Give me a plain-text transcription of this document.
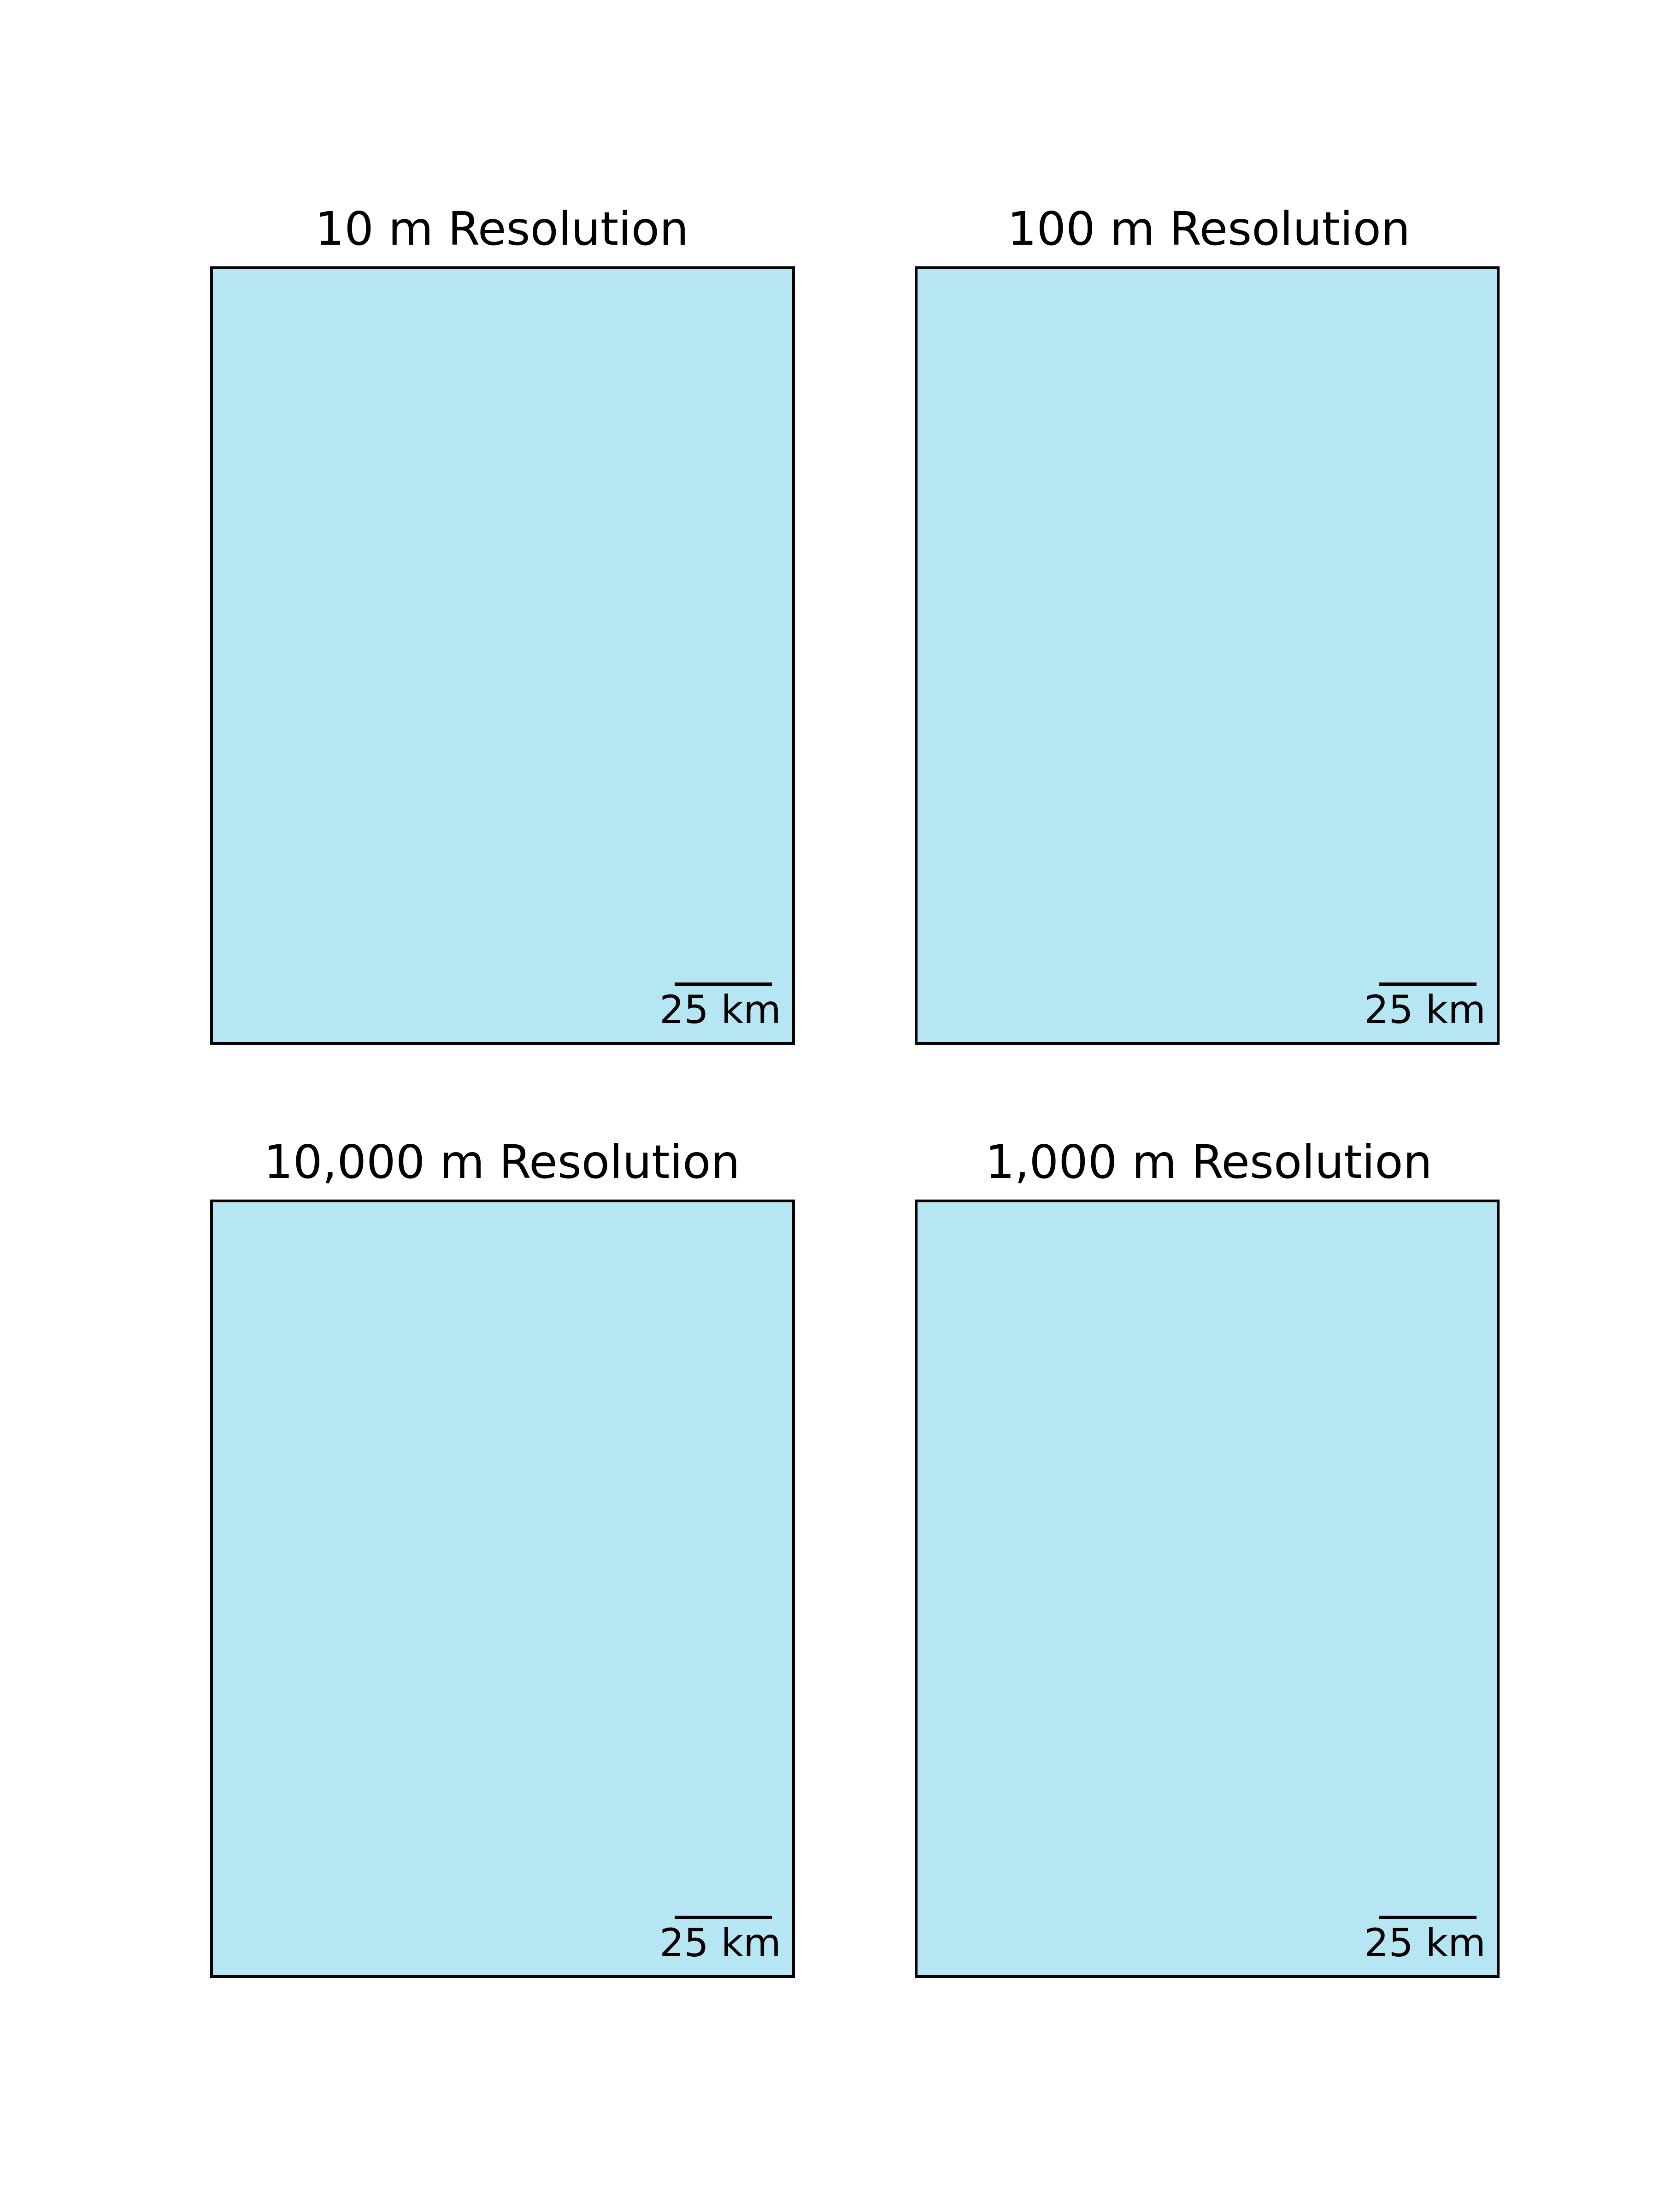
10 m Resolution
25 km
100 m Resolution
25 km
10,000 m Resolution
25 km
1,000 m Resolution
25 km
